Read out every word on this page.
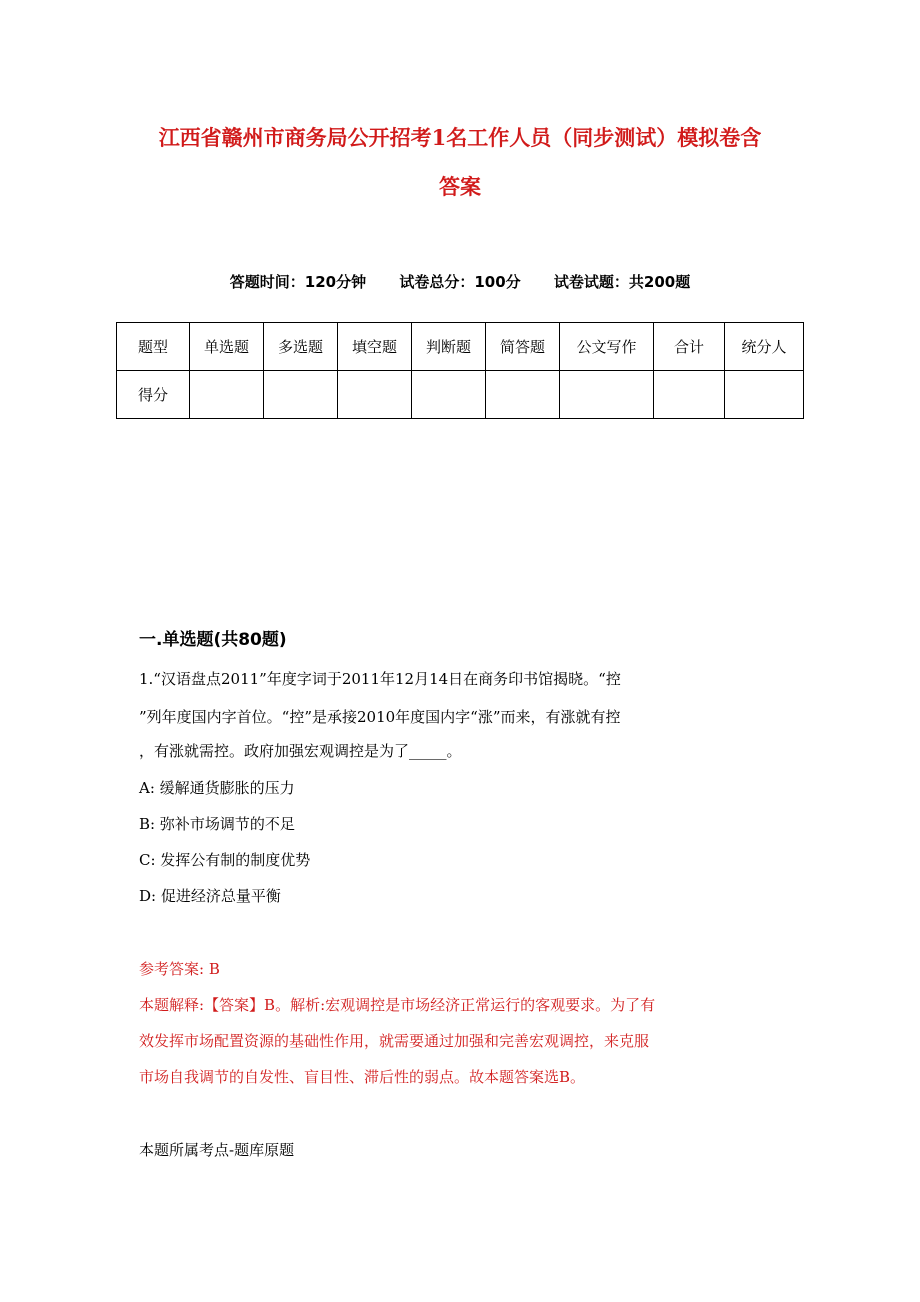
江西省赣州市商务局公开招考1名工作人员（同步测试）模拟卷含
答案
答题时间：120分钟 试卷总分：100分 试卷试题：共200题
题型	单选题	多选题	填空题	判断题	简答题	公文写作	合计	统分人
得分								
一.单选题(共80题)
1.“汉语盘点2011”年度字词于2011年12月14日在商务印书馆揭晓。“控
”列年度国内字首位。“控”是承接2010年度国内字“涨”而来，有涨就有控
，有涨就需控。政府加强宏观调控是为了_____。
A: 缓解通货膨胀的压力
B: 弥补市场调节的不足
C: 发挥公有制的制度优势
D: 促进经济总量平衡
参考答案: B
本题解释:【答案】B。解析:宏观调控是市场经济正常运行的客观要求。为了有
效发挥市场配置资源的基础性作用，就需要通过加强和完善宏观调控，来克服
市场自我调节的自发性、盲目性、滞后性的弱点。故本题答案选B。
本题所属考点-题库原题
